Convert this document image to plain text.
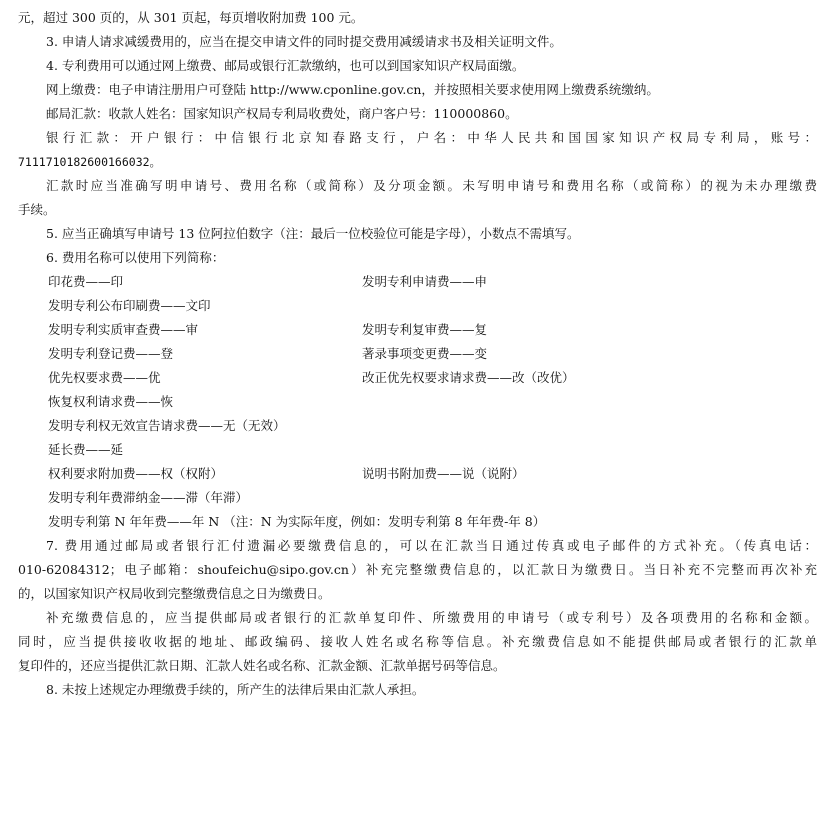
元，超过 300 页的，从 301 页起，每页增收附加费 100 元。
3. 申请人请求减缓费用的，应当在提交申请文件的同时提交费用减缓请求书及相关证明文件。
4. 专利费用可以通过网上缴费、邮局或银行汇款缴纳，也可以到国家知识产权局面缴。
网上缴费：电子申请注册用户可登陆 http://www.cponline.gov.cn，并按照相关要求使用网上缴费系统缴纳。
邮局汇款：收款人姓名：国家知识产权局专利局收费处，商户客户号：110000860。
银行汇款：开户银行：中信银行北京知春路支行，户名：中华人民共和国国家知识产权局专利局，账号：
7111710182600166032。
汇款时应当准确写明申请号、费用名称（或简称）及分项金额。未写明申请号和费用名称（或简称）的视为未办理缴费
手续。
5. 应当正确填写申请号 13 位阿拉伯数字（注：最后一位校验位可能是字母），小数点不需填写。
6. 费用名称可以使用下列简称：
印花费——印	发明专利申请费——申
发明专利公布印刷费——文印
发明专利实质审查费——审	发明专利复审费——复
发明专利登记费——登	著录事项变更费——变
优先权要求费——优	改正优先权要求请求费——改（改优）
恢复权利请求费——恢
发明专利权无效宣告请求费——无（无效）
延长费——延
权利要求附加费——权（权附）	说明书附加费——说（说附）
发明专利年费滞纳金——滞（年滞）
发明专利第 N 年年费——年 N （注：N 为实际年度，例如：发明专利第 8 年年费-年 8）
7. 费用通过邮局或者银行汇付遗漏必要缴费信息的，可以在汇款当日通过传真或电子邮件的方式补充。（传真电话：
010-62084312；电子邮箱：shoufeichu@sipo.gov.cn）补充完整缴费信息的，以汇款日为缴费日。当日补充不完整而再次补充
的，以国家知识产权局收到完整缴费信息之日为缴费日。
补充缴费信息的，应当提供邮局或者银行的汇款单复印件、所缴费用的申请号（或专利号）及各项费用的名称和金额。
同时，应当提供接收收据的地址、邮政编码、接收人姓名或名称等信息。补充缴费信息如不能提供邮局或者银行的汇款单
复印件的，还应当提供汇款日期、汇款人姓名或名称、汇款金额、汇款单据号码等信息。
8. 未按上述规定办理缴费手续的，所产生的法律后果由汇款人承担。
